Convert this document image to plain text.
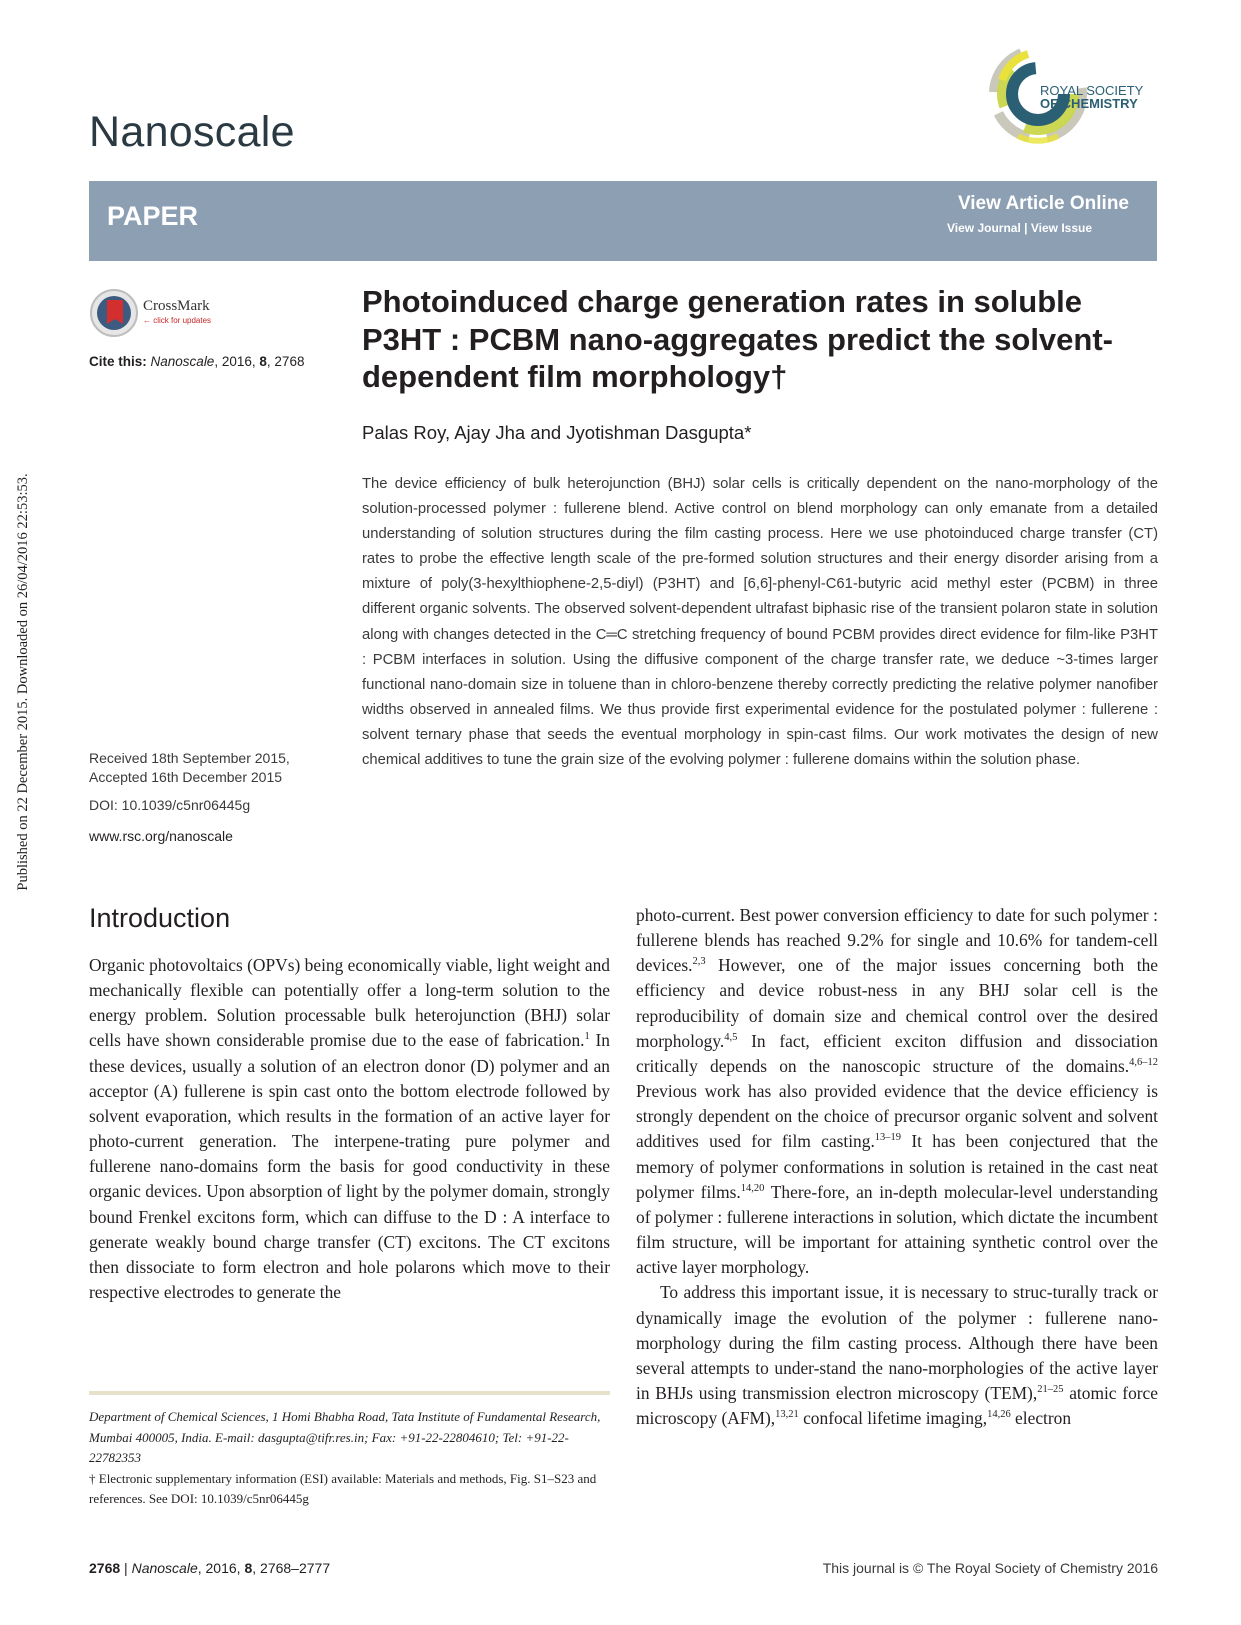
Published on 22 December 2015. Downloaded on 26/04/2016 22:53:53.
Nanoscale
ROYAL SOCIETY
OF CHEMISTRY
PAPER	View Article Online
View Journal | View Issue
CrossMark
← click for updates
Cite this: Nanoscale, 2016, 8, 2768
Photoinduced charge generation rates in soluble P3HT : PCBM nano-aggregates predict the solvent-dependent film morphology†
Palas Roy, Ajay Jha and Jyotishman Dasgupta*
The device efficiency of bulk heterojunction (BHJ) solar cells is critically dependent on the nano-morphology of the solution-processed polymer : fullerene blend. Active control on blend morphology can only emanate from a detailed understanding of solution structures during the film casting process. Here we use photoinduced charge transfer (CT) rates to probe the effective length scale of the pre-formed solution structures and their energy disorder arising from a mixture of poly(3-hexylthiophene-2,5-diyl) (P3HT) and [6,6]-phenyl-C61-butyric acid methyl ester (PCBM) in three different organic solvents. The observed solvent-dependent ultrafast biphasic rise of the transient polaron state in solution along with changes detected in the C═C stretching frequency of bound PCBM provides direct evidence for film-like P3HT : PCBM interfaces in solution. Using the diffusive component of the charge transfer rate, we deduce ~3-times larger functional nano-domain size in toluene than in chloro-benzene thereby correctly predicting the relative polymer nanofiber widths observed in annealed films. We thus provide first experimental evidence for the postulated polymer : fullerene : solvent ternary phase that seeds the eventual morphology in spin-cast films. Our work motivates the design of new chemical additives to tune the grain size of the evolving polymer : fullerene domains within the solution phase.
Received 18th September 2015,
Accepted 16th December 2015
DOI: 10.1039/c5nr06445g
www.rsc.org/nanoscale
Introduction

Organic photovoltaics (OPVs) being economically viable, light weight and mechanically flexible can potentially offer a long-term solution to the energy problem. Solution processable bulk heterojunction (BHJ) solar cells have shown considerable promise due to the ease of fabrication.$^1$ In these devices, usually a solution of an electron donor (D) polymer and an acceptor (A) fullerene is spin cast onto the bottom electrode followed by solvent evaporation, which results in the formation of an active layer for photo-current generation. The interpene-trating pure polymer and fullerene nano-domains form the basis for good conductivity in these organic devices. Upon absorption of light by the polymer domain, strongly bound Frenkel excitons form, which can diffuse to the D : A interface to generate weakly bound charge transfer (CT) excitons. The CT excitons then dissociate to form electron and hole polarons which move to their respective electrodes to generate the

photo-current. Best power conversion efficiency to date for such polymer : fullerene blends has reached 9.2% for single and 10.6% for tandem-cell devices.$^{2,3}$ However, one of the major issues concerning both the efficiency and device robust-ness in any BHJ solar cell is the reproducibility of domain size and chemical control over the desired morphology.$^{4,5}$ In fact, efficient exciton diffusion and dissociation critically depends on the nanoscopic structure of the domains.$^{4,6-12}$ Previous work has also provided evidence that the device efficiency is strongly dependent on the choice of precursor organic solvent and solvent additives used for film casting.$^{13-19}$ It has been conjectured that the memory of polymer conformations in solution is retained in the cast neat polymer films.$^{14,20}$ There-fore, an in-depth molecular-level understanding of polymer : fullerene interactions in solution, which dictate the incumbent film structure, will be important for attaining synthetic control over the active layer morphology.

To address this important issue, it is necessary to struc-turally track or dynamically image the evolution of the polymer : fullerene nano-morphology during the film casting process. Although there have been several attempts to under-stand the nano-morphologies of the active layer in BHJs using transmission electron microscopy (TEM),$^{21-25}$ atomic force microscopy (AFM),$^{13,21}$ confocal lifetime imaging,$^{14,26}$ electron

Department of Chemical Sciences, 1 Homi Bhabha Road, Tata Institute of Fundamental Research, Mumbai 400005, India. E-mail: dasgupta@tifr.res.in; Fax: +91-22-22804610; Tel: +91-22-22782353
† Electronic supplementary information (ESI) available: Materials and methods, Fig. S1–S23 and references. See DOI: 10.1039/c5nr06445g
2768 | Nanoscale, 2016, 8, 2768–2777	This journal is © The Royal Society of Chemistry 2016
